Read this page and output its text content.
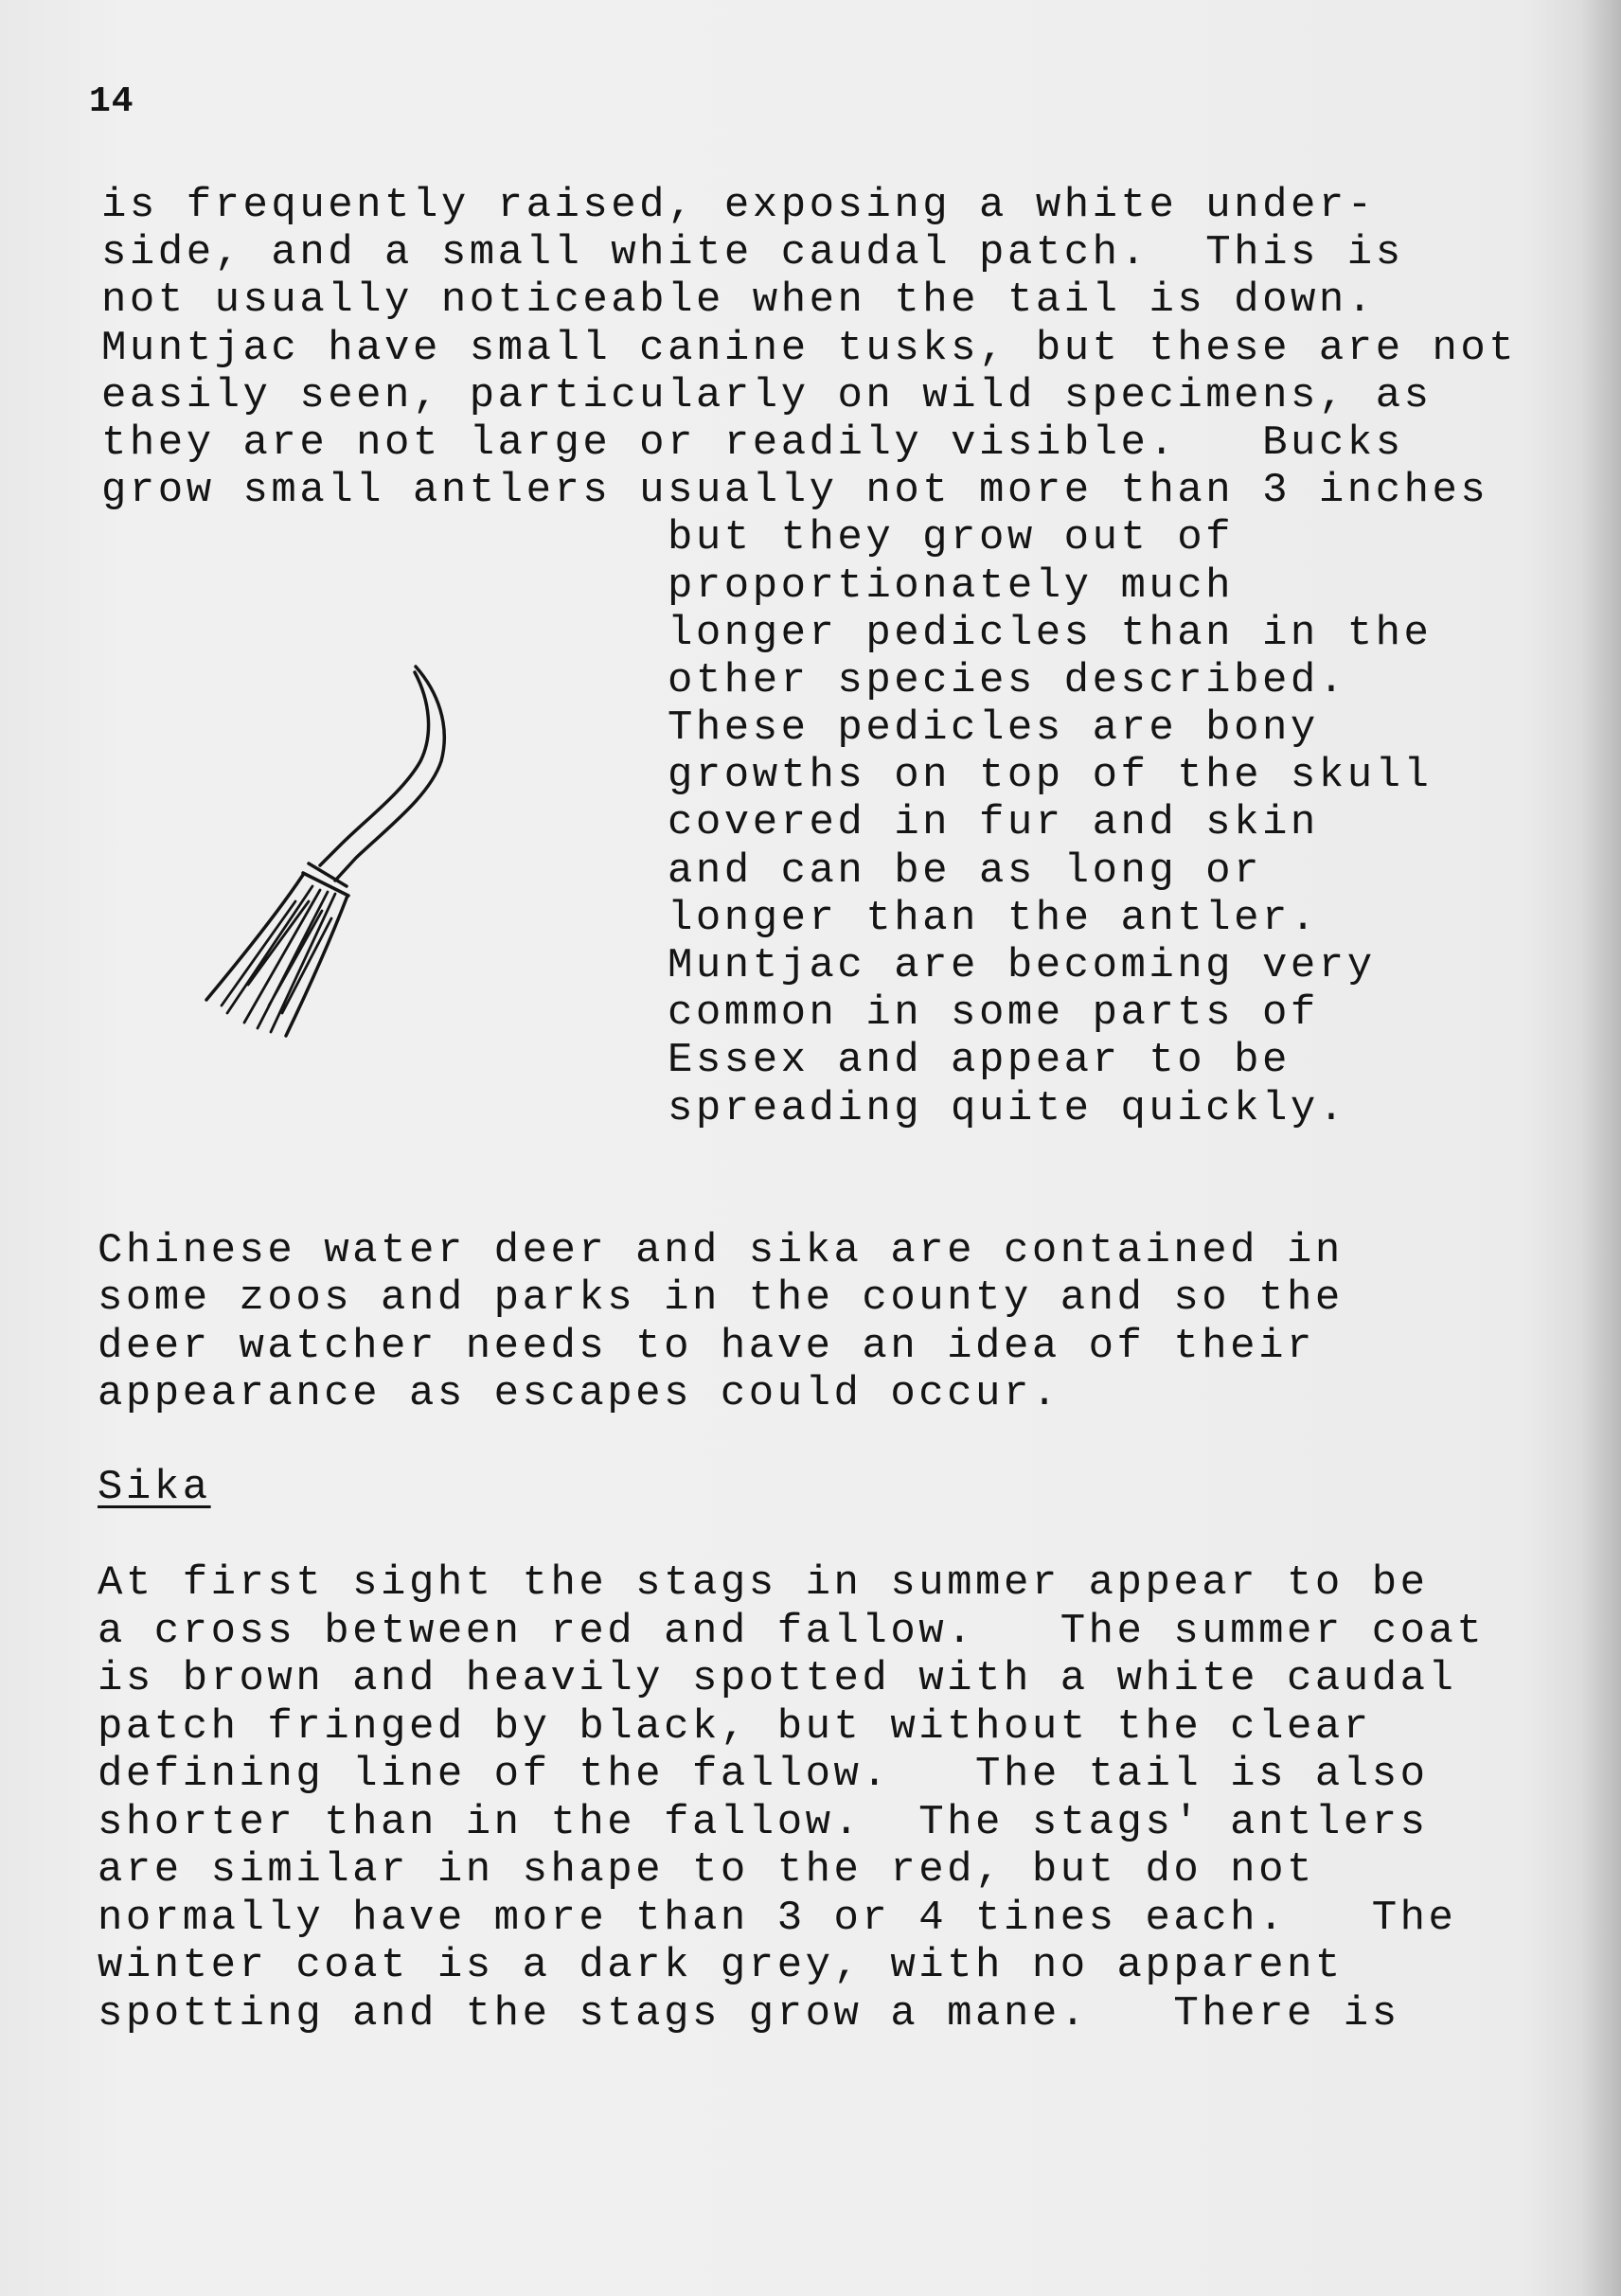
14
is frequently raised, exposing a white under-
side, and a small white caudal patch.  This is
not usually noticeable when the tail is down.
Muntjac have small canine tusks, but these are not
easily seen, particularly on wild specimens, as
they are not large or readily visible.   Bucks
grow small antlers usually not more than 3 inches
but they grow out of
proportionately much
longer pedicles than in the
other species described.
These pedicles are bony
growths on top of the skull
covered in fur and skin
and can be as long or
longer than the antler.
Muntjac are becoming very
common in some parts of
Essex and appear to be
spreading quite quickly.
Chinese water deer and sika are contained in
some zoos and parks in the county and so the
deer watcher needs to have an idea of their
appearance as escapes could occur.
Sika
At first sight the stags in summer appear to be
a cross between red and fallow.   The summer coat
is brown and heavily spotted with a white caudal
patch fringed by black, but without the clear
defining line of the fallow.   The tail is also
shorter than in the fallow.  The stags' antlers
are similar in shape to the red, but do not
normally have more than 3 or 4 tines each.   The
winter coat is a dark grey, with no apparent
spotting and the stags grow a mane.   There is
